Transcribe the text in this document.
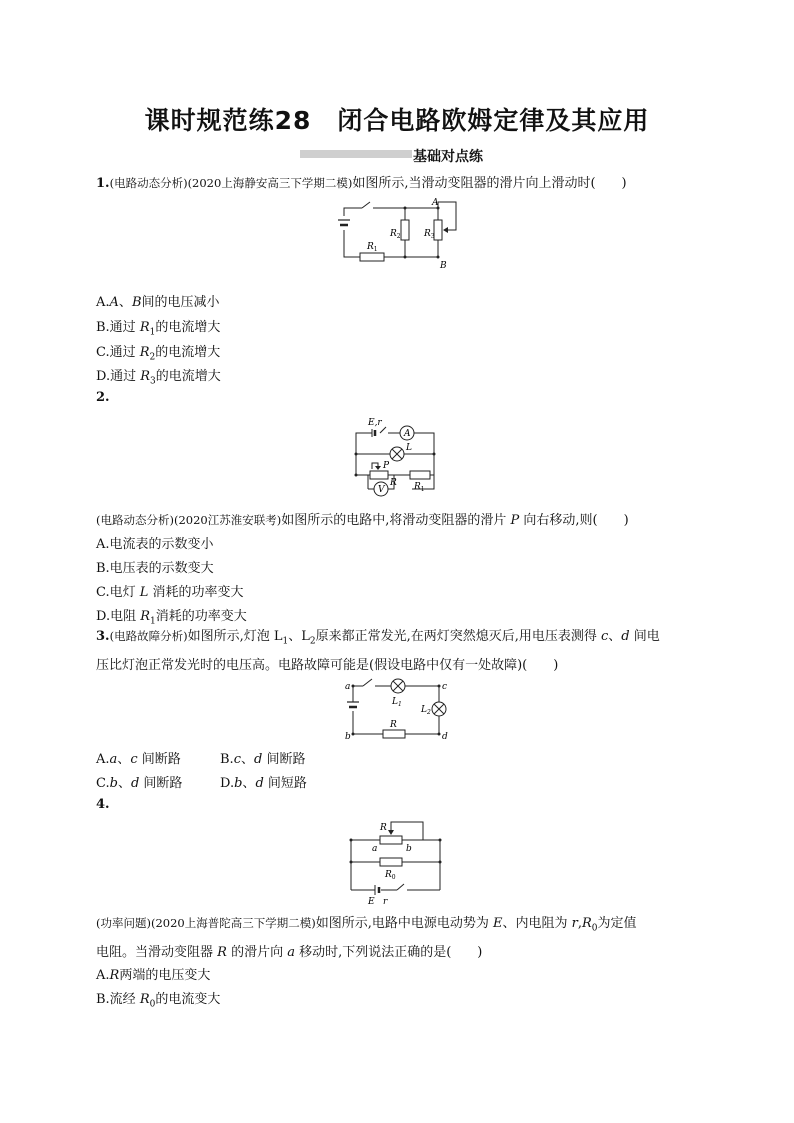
课时规范练28　闭合电路欧姆定律及其应用
基础对点练
1.(电路动态分析)(2020上海静安高三下学期二模)如图所示,当滑动变阻器的滑片向上滑动时(　　)
A
B
$R_2$	$R_3$
$R_1$
A.A、B间的电压减小
B.通过 $R_1$的电流增大
C.通过 $R_2$的电流增大
D.通过 $R_3$的电流增大
2.
E,r
A
L
P
V
R $R_1$
(电路动态分析)(2020江苏淮安联考)如图所示的电路中,将滑动变阻器的滑片 P 向右移动,则(　　)
A.电流表的示数变小
B.电压表的示数变大
C.电灯 L 消耗的功率变大
D.电阻 $R_1$消耗的功率变大
3.(电路故障分析)如图所示,灯泡 $L_1$、$L_2$原来都正常发光,在两灯突然熄灭后,用电压表测得 c、d 间电
压比灯泡正常发光时的电压高。电路故障可能是(假设电路中仅有一处故障)(　　)
a	c
b	d
$L_1$
$L_2$
R
A.a、c 间断路	B.c、d 间断路
C.b、d 间断路	D.b、d 间短路
4.
R
a	b
$R_0$
E r
(功率问题)(2020上海普陀高三下学期二模)如图所示,电路中电源电动势为 E、内电阻为 $r,R_0$为定值
电阻。当滑动变阻器 R 的滑片向 a 移动时,下列说法正确的是(　　)
A.R两端的电压变大
B.流经 $R_0$的电流变大
